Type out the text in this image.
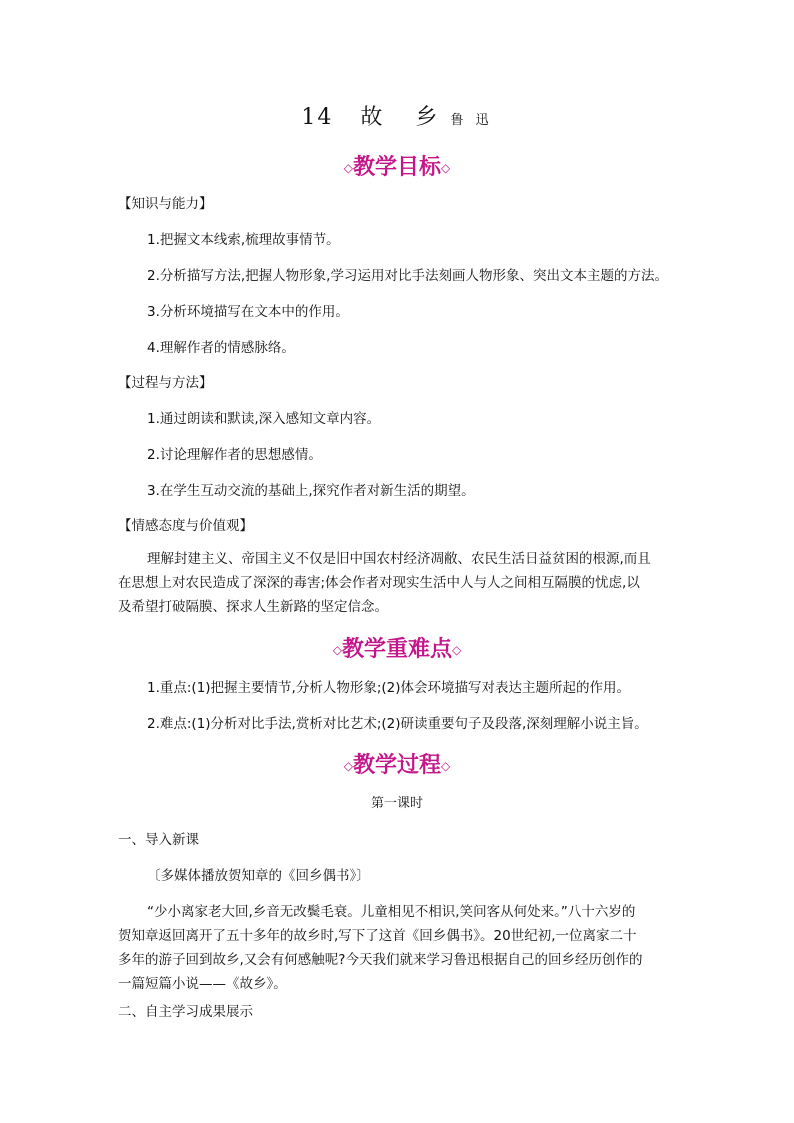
14 故 乡 鲁 迅
◇教学目标◇
【知识与能力】
1.把握文本线索,梳理故事情节。
2.分析描写方法,把握人物形象,学习运用对比手法刻画人物形象、突出文本主题的方法。
3.分析环境描写在文本中的作用。
4.理解作者的情感脉络。
【过程与方法】
1.通过朗读和默读,深入感知文章内容。
2.讨论理解作者的思想感情。
3.在学生互动交流的基础上,探究作者对新生活的期望。
【情感态度与价值观】
理解封建主义、帝国主义不仅是旧中国农村经济凋敝、农民生活日益贫困的根源,而且
在思想上对农民造成了深深的毒害;体会作者对现实生活中人与人之间相互隔膜的忧虑,以
及希望打破隔膜、探求人生新路的坚定信念。
◇教学重难点◇
1.重点:(1)把握主要情节,分析人物形象;(2)体会环境描写对表达主题所起的作用。
2.难点:(1)分析对比手法,赏析对比艺术;(2)研读重要句子及段落,深刻理解小说主旨。
◇教学过程◇
第一课时
一、导入新课
〔多媒体播放贺知章的《回乡偶书》〕
“少小离家老大回,乡音无改鬓毛衰。儿童相见不相识,笑问客从何处来。”八十六岁的
贺知章返回离开了五十多年的故乡时,写下了这首《回乡偶书》。20世纪初,一位离家二十
多年的游子回到故乡,又会有何感触呢?今天我们就来学习鲁迅根据自己的回乡经历创作的
一篇短篇小说——《故乡》。
二、自主学习成果展示
